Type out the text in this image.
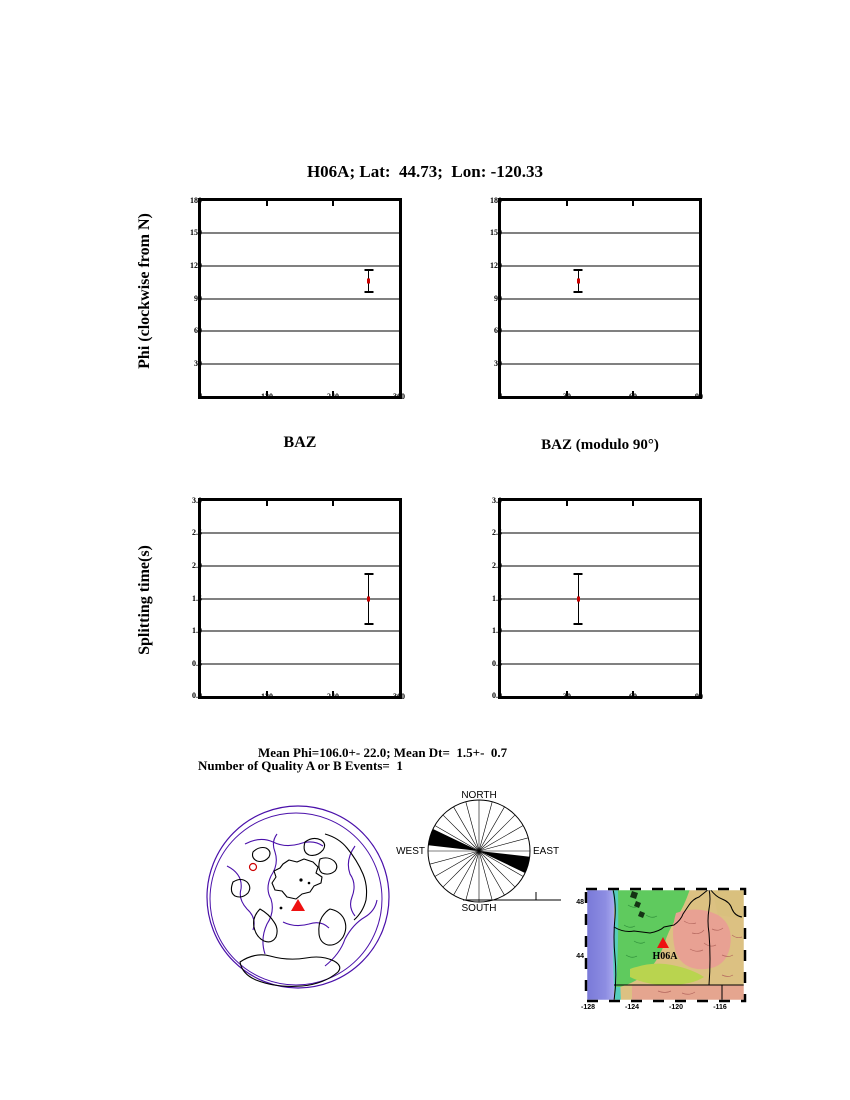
H06A; Lat:  44.73;  Lon: -120.33
0
30
60
90
120
150
180
120	240	360	0
30
60
90
120
150
180
30	60	90
0.0
0.5
1.0
1.5
2.0
2.5
3.0
120	240	360	0.0
0.5
1.0
1.5
2.0
2.5
3.0
30	60	90
Phi (clockwise from N)
Splitting time(s)
BAZ	BAZ (modulo 90°)
Mean Phi=106.0+- 22.0; Mean Dt=  1.5+-  0.7
Number of Quality A or B Events=  1
NORTH
EAST
SOUTH
WEST
H06A
48
44
-128	-124	-120	-116
